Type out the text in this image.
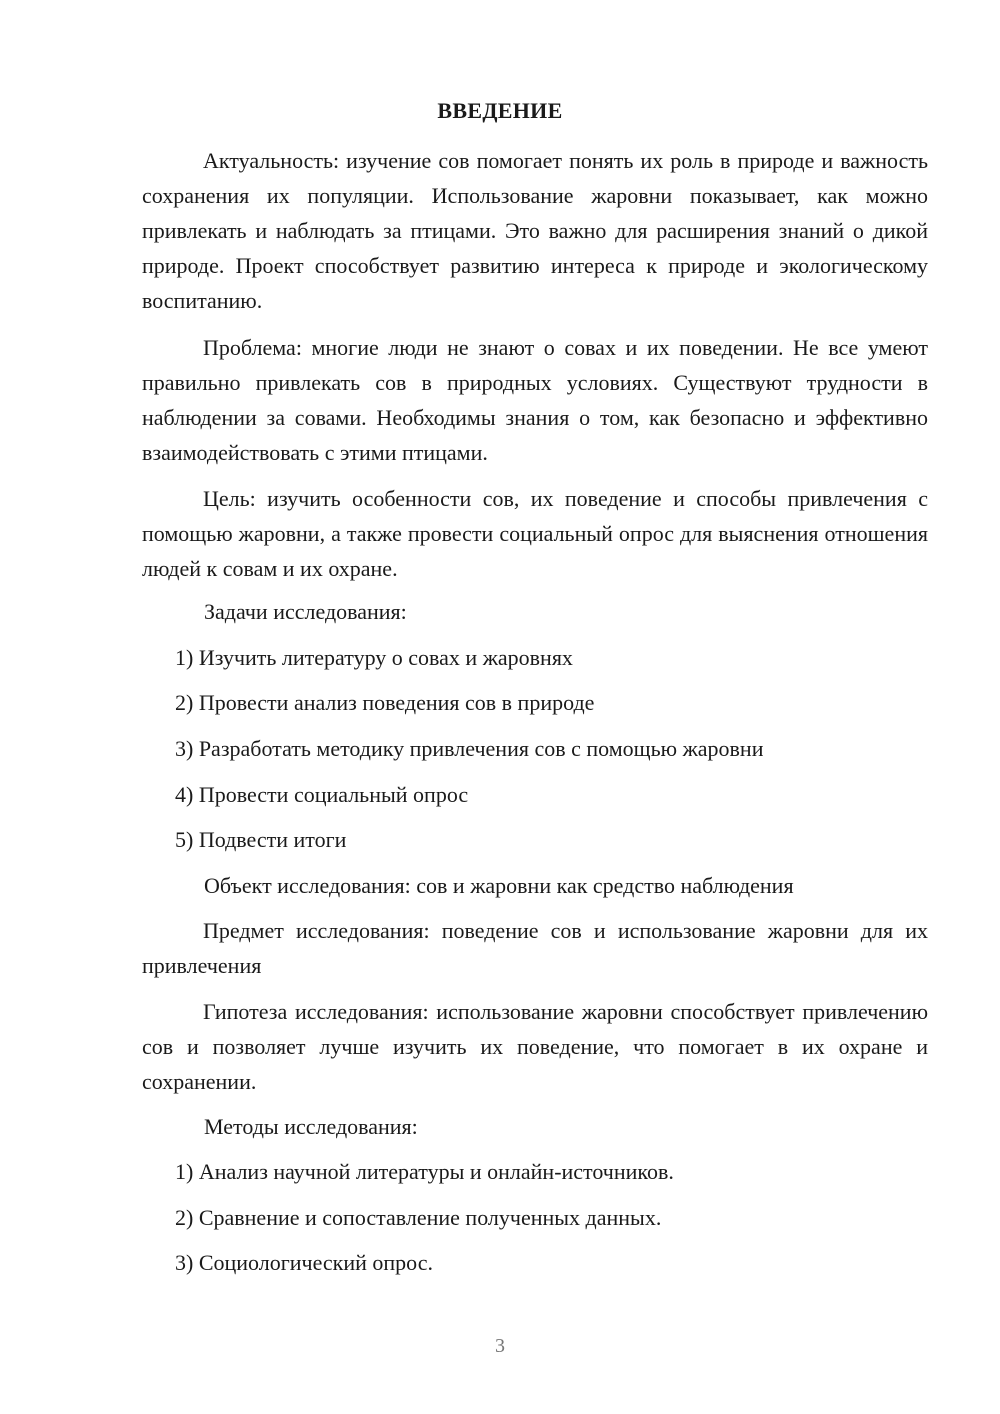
ВВЕДЕНИЕ

Актуальность: изучение сов помогает понять их роль в природе и важность сохранения их популяции. Использование жаровни показывает, как можно привлекать и наблюдать за птицами. Это важно для расширения знаний о дикой природе. Проект способствует развитию интереса к природе и экологическому воспитанию.

Проблема: многие люди не знают о совах и их поведении. Не все умеют правильно привлекать сов в природных условиях. Существуют трудности в наблюдении за совами. Необходимы знания о том, как безопасно и эффективно взаимодействовать с этими птицами.

Цель: изучить особенности сов, их поведение и способы привлечения с помощью жаровни, а также провести социальный опрос для выяснения отношения людей к совам и их охране.

Задачи исследования:

1) Изучить литературу о совах и жаровнях

2) Провести анализ поведения сов в природе

3) Разработать методику привлечения сов с помощью жаровни

4) Провести социальный опрос

5) Подвести итоги

Объект исследования: сов и жаровни как средство наблюдения

Предмет исследования: поведение сов и использование жаровни для их привлечения

Гипотеза исследования: использование жаровни способствует привлечению сов и позволяет лучше изучить их поведение, что помогает в их охране и сохранении.

Методы исследования:

1) Анализ научной литературы и онлайн-источников.

2) Сравнение и сопоставление полученных данных.

3) Социологический опрос.

3
